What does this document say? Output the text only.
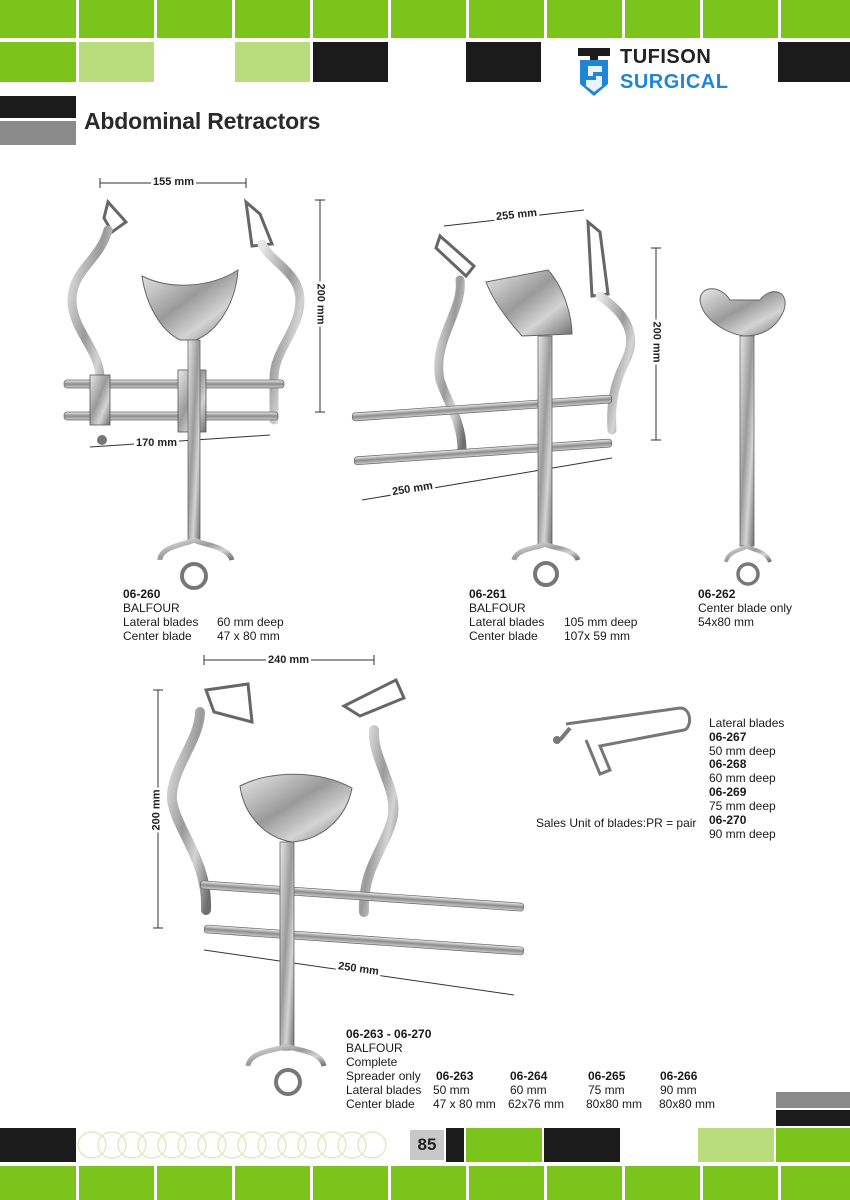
TUFISON
SURGICAL
Abdominal Retractors
155 mm
200 mm
170 mm
255 mm
200 mm
250 mm
240 mm
200 mm
250 mm
06-260
BALFOUR
Lateral blades 60 mm deep
Center blade 47 x 80 mm
06-261
BALFOUR
Lateral blades 105 mm deep
Center blade 107x 59 mm
06-262
Center blade only
54x80 mm
Lateral blades
06-267
50 mm deep
06-268
60 mm deep
06-269
75 mm deep
06-270
90 mm deep
Sales Unit of blades:PR = pair
06-263 - 06-270
BALFOUR
Complete
Spreader only
Lateral blades
Center blade
06-263
50 mm
47 x 80 mm
06-264
60 mm
62x76 mm
06-265
75 mm
80x80 mm
06-266
90 mm
80x80 mm
85
